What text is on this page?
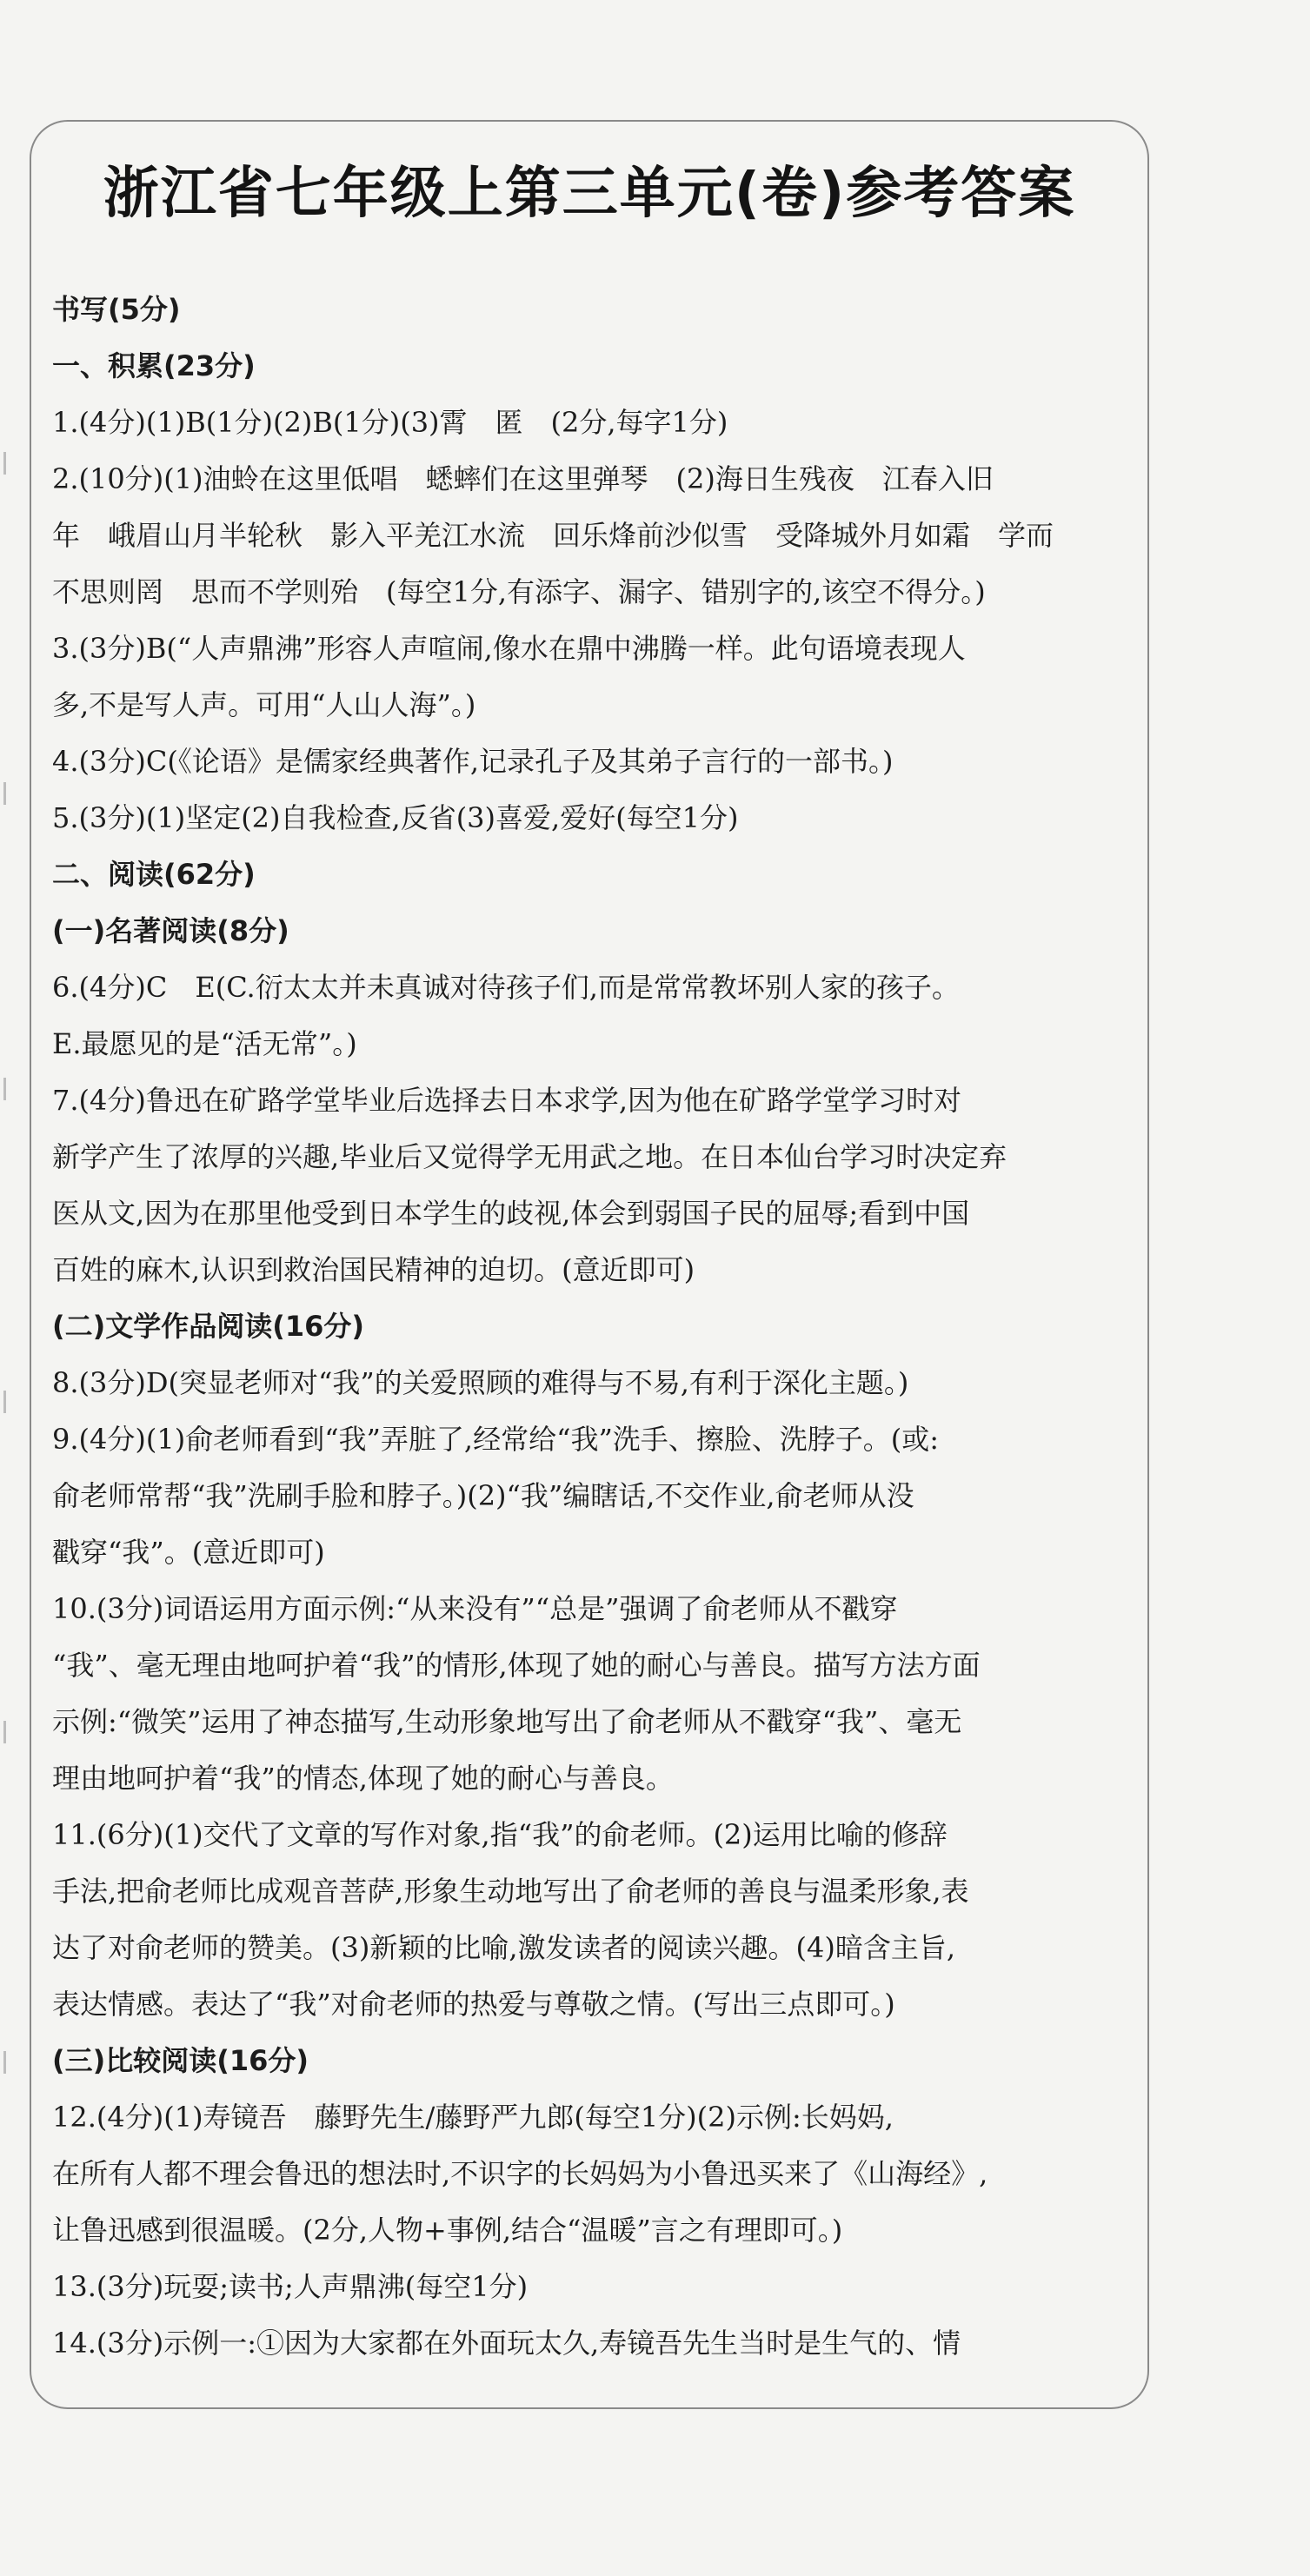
浙江省七年级上第三单元(卷)参考答案
书写(5分)
一、积累(23分)
1.(4分)(1)B(1分)(2)B(1分)(3)霄　匿　(2分,每字1分)
2.(10分)(1)油蛉在这里低唱　蟋蟀们在这里弹琴　(2)海日生残夜　江春入旧
年　峨眉山月半轮秋　影入平羌江水流　回乐烽前沙似雪　受降城外月如霜　学而
不思则罔　思而不学则殆　(每空1分,有添字、漏字、错别字的,该空不得分。)
3.(3分)B(“人声鼎沸”形容人声喧闹,像水在鼎中沸腾一样。此句语境表现人
多,不是写人声。可用“人山人海”。)
4.(3分)C(《论语》是儒家经典著作,记录孔子及其弟子言行的一部书。)
5.(3分)(1)坚定(2)自我检查,反省(3)喜爱,爱好(每空1分)
二、阅读(62分)
(一)名著阅读(8分)
6.(4分)C　E(C.衍太太并未真诚对待孩子们,而是常常教坏别人家的孩子。
E.最愿见的是“活无常”。)
7.(4分)鲁迅在矿路学堂毕业后选择去日本求学,因为他在矿路学堂学习时对
新学产生了浓厚的兴趣,毕业后又觉得学无用武之地。在日本仙台学习时决定弃
医从文,因为在那里他受到日本学生的歧视,体会到弱国子民的屈辱;看到中国
百姓的麻木,认识到救治国民精神的迫切。(意近即可)
(二)文学作品阅读(16分)
8.(3分)D(突显老师对“我”的关爱照顾的难得与不易,有利于深化主题。)
9.(4分)(1)俞老师看到“我”弄脏了,经常给“我”洗手、擦脸、洗脖子。(或:
俞老师常帮“我”洗刷手脸和脖子。)(2)“我”编瞎话,不交作业,俞老师从没
戳穿“我”。(意近即可)
10.(3分)词语运用方面示例:“从来没有”“总是”强调了俞老师从不戳穿
“我”、毫无理由地呵护着“我”的情形,体现了她的耐心与善良。描写方法方面
示例:“微笑”运用了神态描写,生动形象地写出了俞老师从不戳穿“我”、毫无
理由地呵护着“我”的情态,体现了她的耐心与善良。
11.(6分)(1)交代了文章的写作对象,指“我”的俞老师。(2)运用比喻的修辞
手法,把俞老师比成观音菩萨,形象生动地写出了俞老师的善良与温柔形象,表
达了对俞老师的赞美。(3)新颖的比喻,激发读者的阅读兴趣。(4)暗含主旨,
表达情感。表达了“我”对俞老师的热爱与尊敬之情。(写出三点即可。)
(三)比较阅读(16分)
12.(4分)(1)寿镜吾　藤野先生/藤野严九郎(每空1分)(2)示例:长妈妈,
在所有人都不理会鲁迅的想法时,不识字的长妈妈为小鲁迅买来了《山海经》,
让鲁迅感到很温暖。(2分,人物+事例,结合“温暖”言之有理即可。)
13.(3分)玩耍;读书;人声鼎沸(每空1分)
14.(3分)示例一:①因为大家都在外面玩太久,寿镜吾先生当时是生气的、情
